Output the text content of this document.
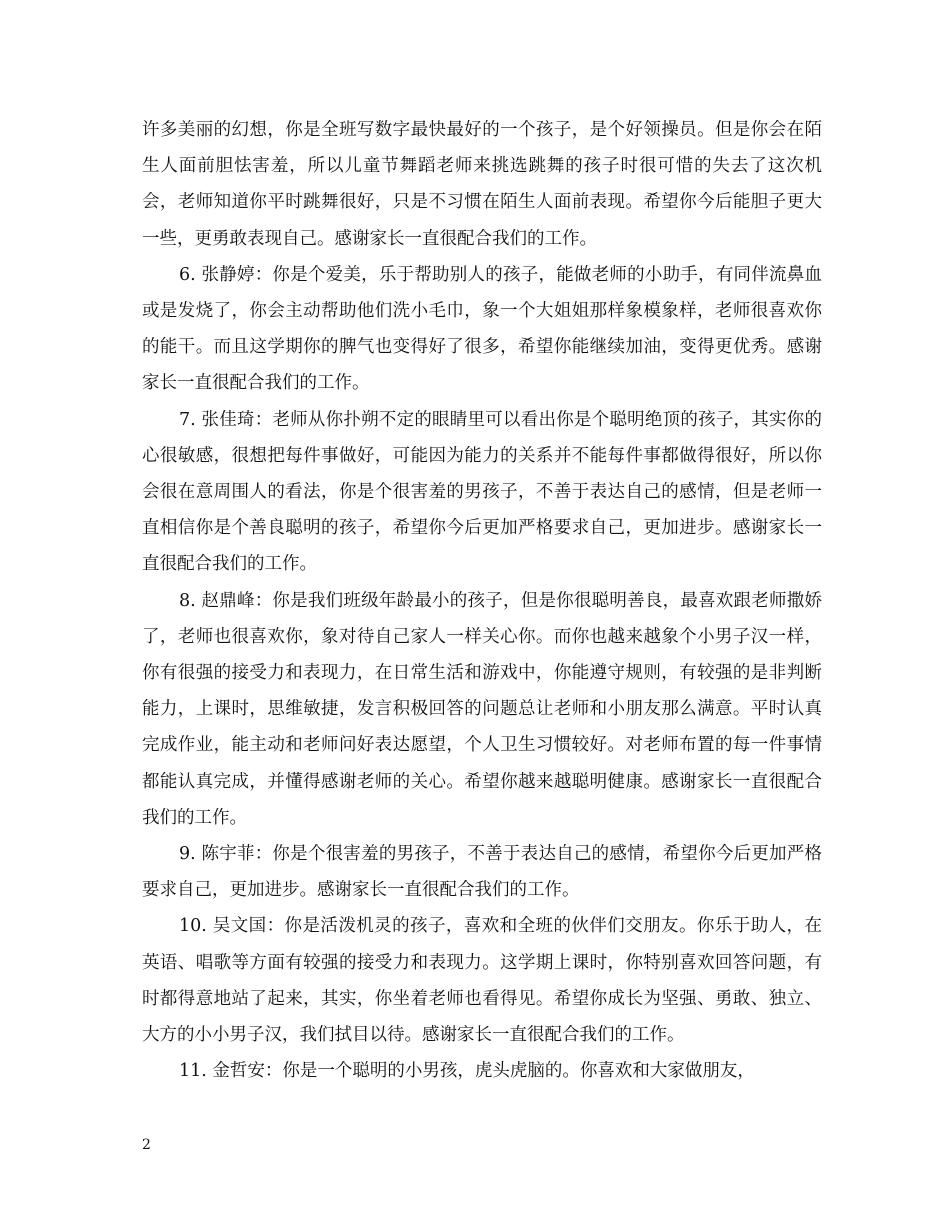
许多美丽的幻想，你是全班写数字最快最好的一个孩子，是个好领操员。但是你会在陌生人面前胆怯害羞，所以儿童节舞蹈老师来挑选跳舞的孩子时很可惜的失去了这次机会，老师知道你平时跳舞很好，只是不习惯在陌生人面前表现。希望你今后能胆子更大一些，更勇敢表现自己。感谢家长一直很配合我们的工作。

6. 张静婷：你是个爱美，乐于帮助别人的孩子，能做老师的小助手，有同伴流鼻血或是发烧了，你会主动帮助他们洗小毛巾，象一个大姐姐那样象模象样，老师很喜欢你的能干。而且这学期你的脾气也变得好了很多，希望你能继续加油，变得更优秀。感谢家长一直很配合我们的工作。

7. 张佳琦：老师从你扑朔不定的眼睛里可以看出你是个聪明绝顶的孩子，其实你的心很敏感，很想把每件事做好，可能因为能力的关系并不能每件事都做得很好，所以你会很在意周围人的看法，你是个很害羞的男孩子，不善于表达自己的感情，但是老师一直相信你是个善良聪明的孩子，希望你今后更加严格要求自己，更加进步。感谢家长一直很配合我们的工作。

8. 赵鼎峰：你是我们班级年龄最小的孩子，但是你很聪明善良，最喜欢跟老师撒娇了，老师也很喜欢你，象对待自己家人一样关心你。而你也越来越象个小男子汉一样，你有很强的接受力和表现力，在日常生活和游戏中，你能遵守规则，有较强的是非判断能力，上课时，思维敏捷，发言积极回答的问题总让老师和小朋友那么满意。平时认真完成作业，能主动和老师问好表达愿望，个人卫生习惯较好。对老师布置的每一件事情都能认真完成，并懂得感谢老师的关心。希望你越来越聪明健康。感谢家长一直很配合我们的工作。

9. 陈宇菲：你是个很害羞的男孩子，不善于表达自己的感情，希望你今后更加严格要求自己，更加进步。感谢家长一直很配合我们的工作。

10. 吴文国：你是活泼机灵的孩子，喜欢和全班的伙伴们交朋友。你乐于助人，在英语、唱歌等方面有较强的接受力和表现力。这学期上课时，你特别喜欢回答问题，有时都得意地站了起来，其实，你坐着老师也看得见。希望你成长为坚强、勇敢、独立、大方的小小男子汉，我们拭目以待。感谢家长一直很配合我们的工作。

11. 金哲安：你是一个聪明的小男孩，虎头虎脑的。你喜欢和大家做朋友，

2
